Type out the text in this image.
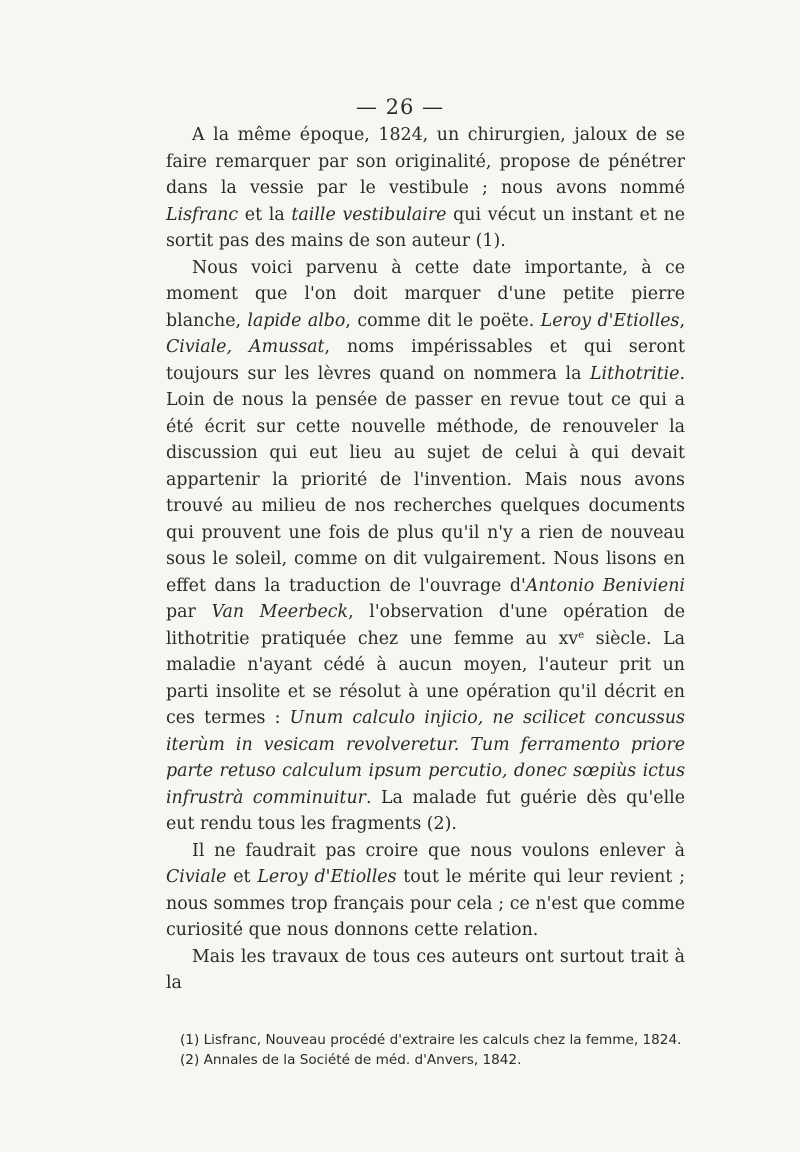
— 26 —

A la même époque, 1824, un chirurgien, jaloux de se faire remarquer par son originalité, propose de pénétrer dans la vessie par le vestibule ; nous avons nommé Lisfranc et la taille vestibulaire qui vécut un instant et ne sortit pas des mains de son auteur (1).

Nous voici parvenu à cette date importante, à ce moment que l'on doit marquer d'une petite pierre blanche, lapide albo, comme dit le poëte. Leroy d'Etiolles, Civiale, Amussat, noms impérissables et qui seront toujours sur les lèvres quand on nommera la Lithotritie. Loin de nous la pensée de passer en revue tout ce qui a été écrit sur cette nouvelle méthode, de renouveler la discussion qui eut lieu au sujet de celui à qui devait appartenir la priorité de l'invention. Mais nous avons trouvé au milieu de nos recherches quelques documents qui prouvent une fois de plus qu'il n'y a rien de nouveau sous le soleil, comme on dit vulgairement. Nous lisons en effet dans la traduction de l'ouvrage d'Antonio Benivieni par Van Meerbeck, l'observation d'une opération de lithotritie pratiquée chez une femme au $xv^e$ siècle. La maladie n'ayant cédé à aucun moyen, l'auteur prit un parti insolite et se résolut à une opération qu'il décrit en ces termes : Unum calculo injicio, ne scilicet concussus iterùm in vesicam revolveretur. Tum ferramento priore parte retuso calculum ipsum percutio, donec sœpiùs ictus infrustrà comminuitur. La malade fut guérie dès qu'elle eut rendu tous les fragments (2).

Il ne faudrait pas croire que nous voulons enlever à Civiale et Leroy d'Etiolles tout le mérite qui leur revient ; nous sommes trop français pour cela ; ce n'est que comme curiosité que nous donnons cette relation.

Mais les travaux de tous ces auteurs ont surtout trait à la

(1) Lisfranc, Nouveau procédé d'extraire les calculs chez la femme, 1824.

(2) Annales de la Société de méd. d'Anvers, 1842.
